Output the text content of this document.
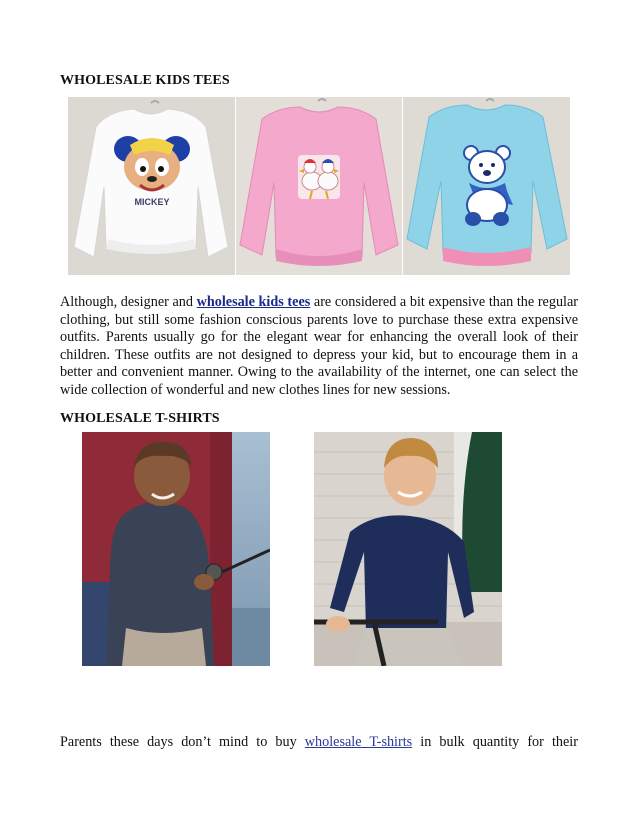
WHOLESALE KIDS TEES
MICKEY
Although, designer and wholesale kids tees are considered a bit expensive than the regular clothing, but still some fashion conscious parents love to purchase these extra expensive outfits. Parents usually go for the elegant wear for enhancing the overall look of their children. These outfits are not designed to depress your kid, but to encourage them in a better and convenient manner. Owing to the availability of the internet, one can select the wide collection of wonderful and new clothes lines for new sessions.
WHOLESALE T-SHIRTS
Parents these days don’t mind to buy wholesale T-shirts in bulk quantity for their
